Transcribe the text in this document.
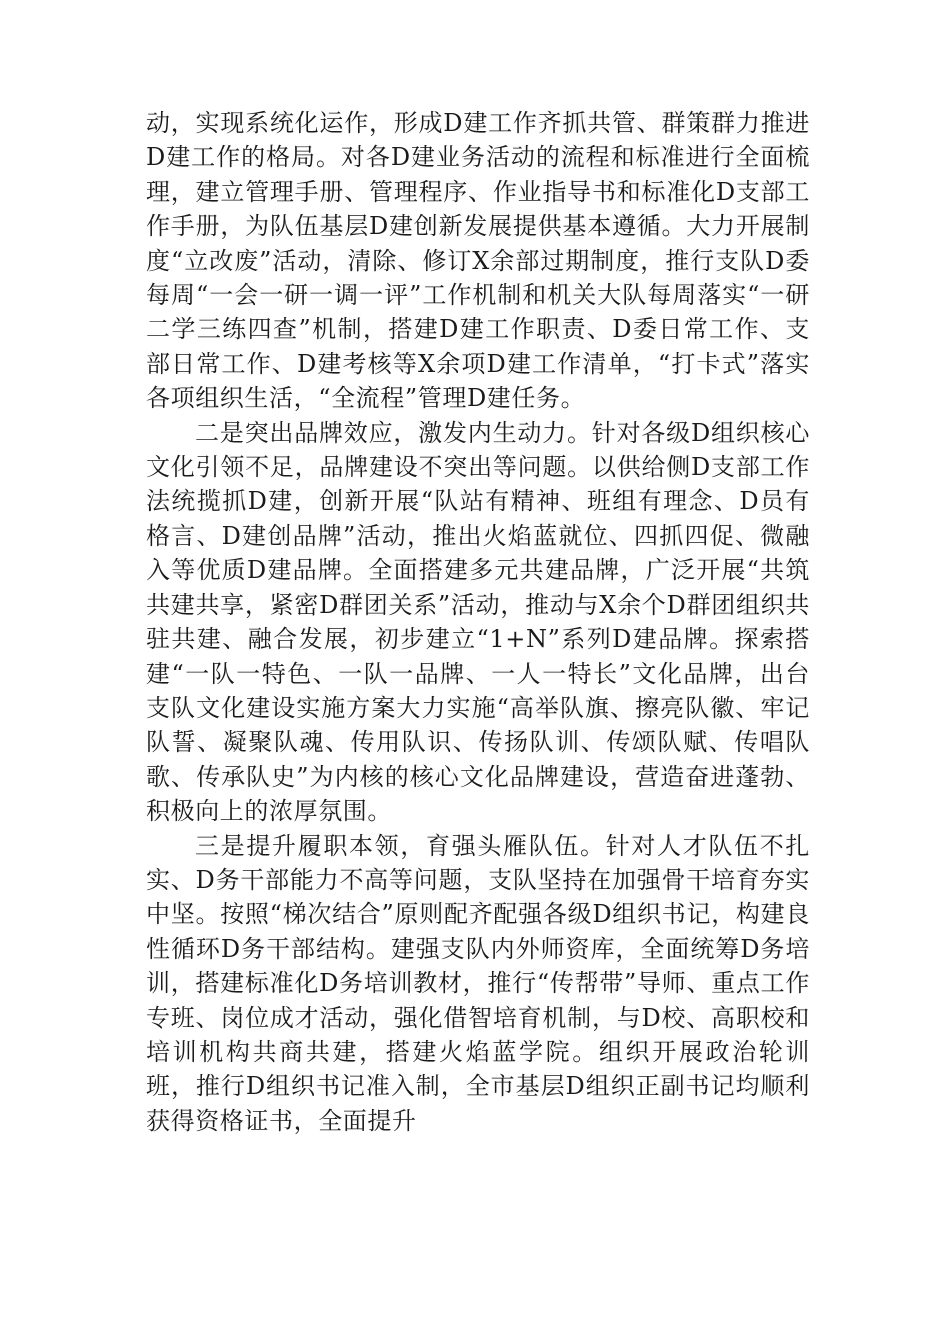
动，实现系统化运作，形成D建工作齐抓共管、群策群力推进D建工作的格局。对各D建业务活动的流程和标准进行全面梳理，建立管理手册、管理程序、作业指导书和标准化D支部工作手册，为队伍基层D建创新发展提供基本遵循。大力开展制度“立改废”活动，清除、修订X余部过期制度，推行支队D委每周“一会一研一调一评”工作机制和机关大队每周落实“一研二学三练四查”机制，搭建D建工作职责、D委日常工作、支部日常工作、D建考核等X余项D建工作清单，“打卡式”落实各项组织生活，“全流程”管理D建任务。

二是突出品牌效应，激发内生动力。针对各级D组织核心文化引领不足，品牌建设不突出等问题。以供给侧D支部工作法统揽抓D建，创新开展“队站有精神、班组有理念、D员有格言、D建创品牌”活动，推出火焰蓝就位、四抓四促、微融入等优质D建品牌。全面搭建多元共建品牌，广泛开展“共筑共建共享，紧密D群团关系”活动，推动与X余个D群团组织共驻共建、融合发展，初步建立“1+N”系列D建品牌。探索搭建“一队一特色、一队一品牌、一人一特长”文化品牌，出台支队文化建设实施方案大力实施“高举队旗、擦亮队徽、牢记队誓、凝聚队魂、传用队识、传扬队训、传颂队赋、传唱队歌、传承队史”为内核的核心文化品牌建设，营造奋进蓬勃、积极向上的浓厚氛围。

三是提升履职本领，育强头雁队伍。针对人才队伍不扎实、D务干部能力不高等问题，支队坚持在加强骨干培育夯实中坚。按照“梯次结合”原则配齐配强各级D组织书记，构建良性循环D务干部结构。建强支队内外师资库，全面统筹D务培训，搭建标准化D务培训教材，推行“传帮带”导师、重点工作专班、岗位成才活动，强化借智培育机制，与D校、高职校和培训机构共商共建，搭建火焰蓝学院。组织开展政治轮训班，推行D组织书记准入制，全市基层D组织正副书记均顺利获得资格证书，全面提升
